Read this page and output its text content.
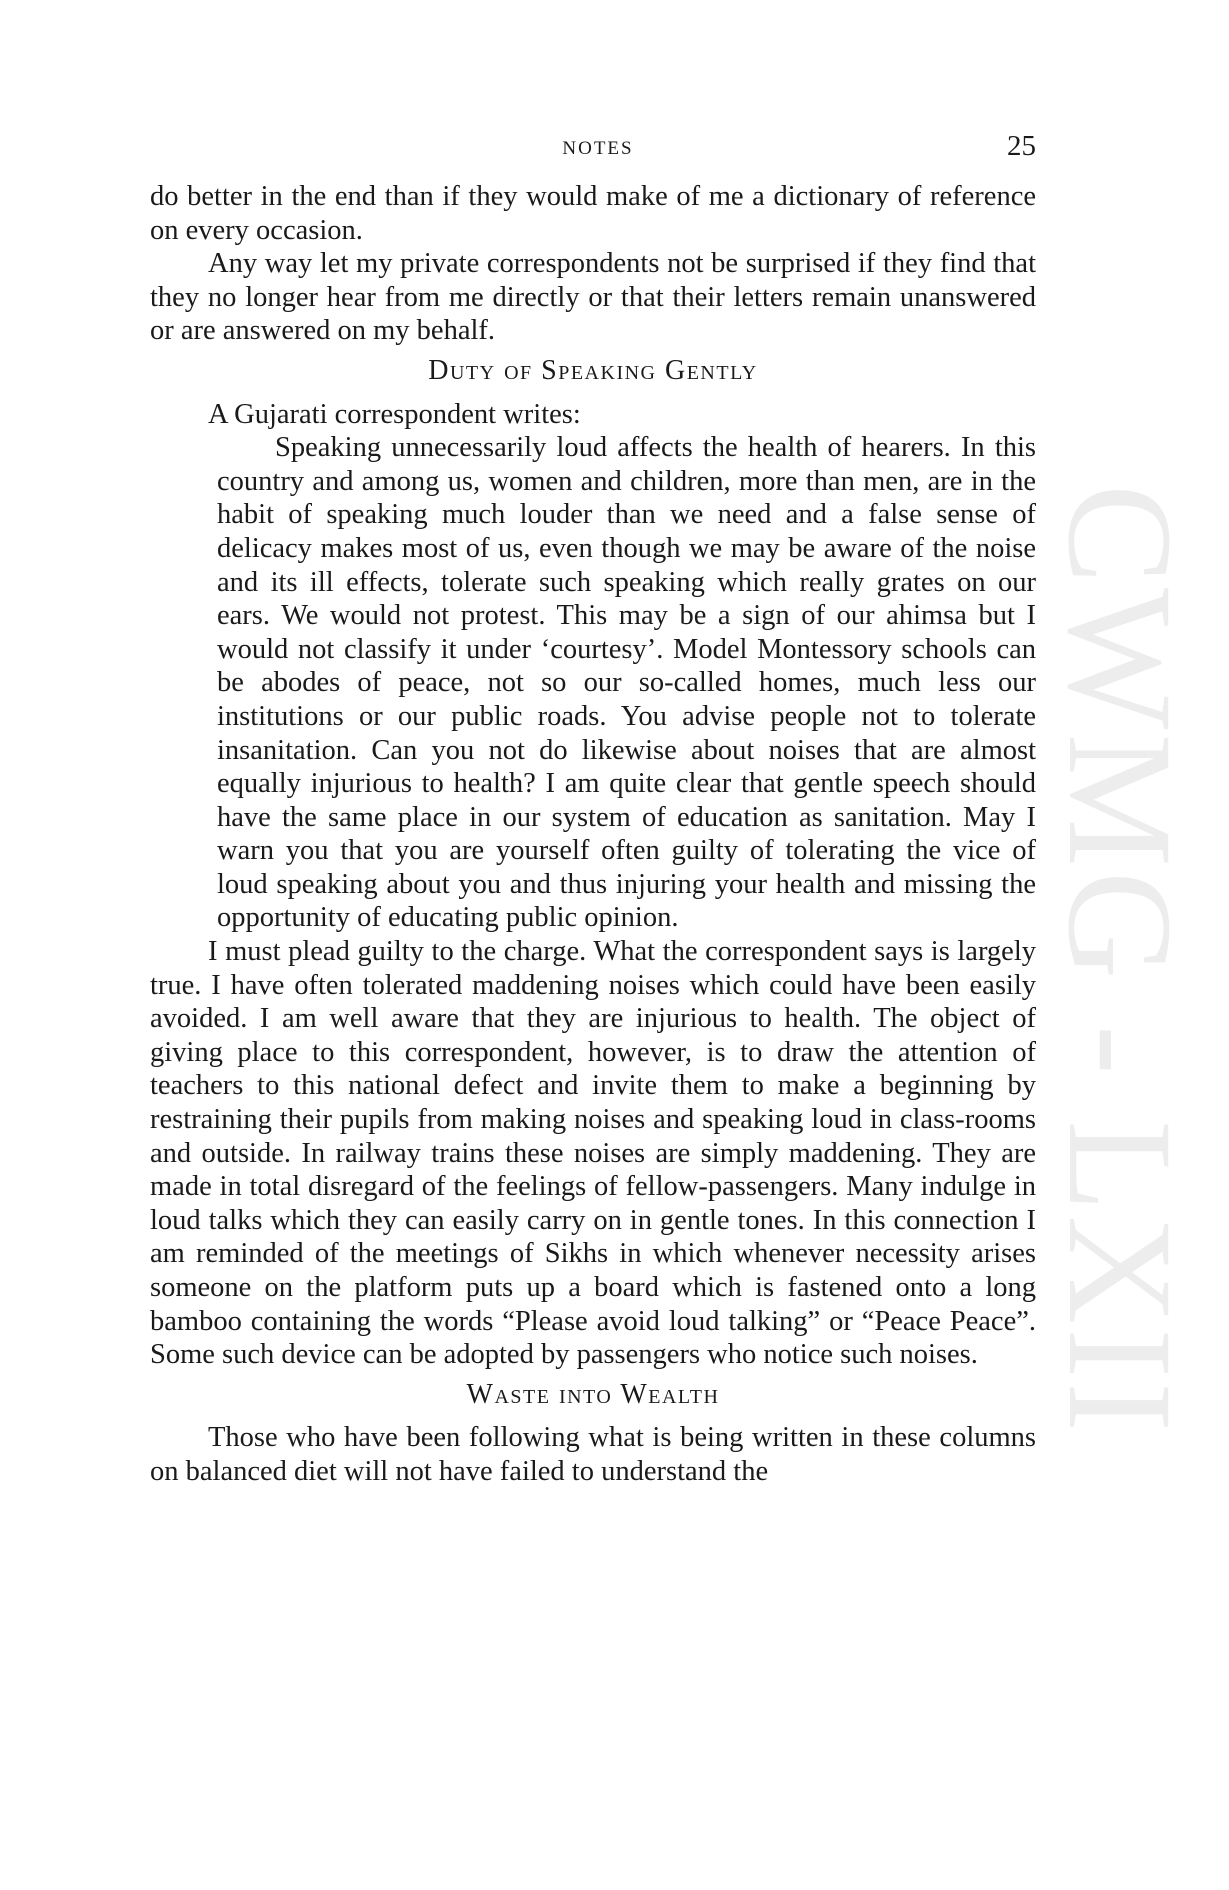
CWMG - LXII
NOTES	25

do better in the end than if they would make of me a dictionary of reference on every occasion.

Any way let my private correspondents not be surprised if they find that they no longer hear from me directly or that their letters remain unanswered or are answered on my behalf.

Duty of Speaking Gently

A Gujarati correspondent writes:

Speaking unnecessarily loud affects the health of hearers. In this country and among us, women and children, more than men, are in the habit of speaking much louder than we need and a false sense of delicacy makes most of us, even though we may be aware of the noise and its ill effects, tolerate such speaking which really grates on our ears. We would not protest. This may be a sign of our ahimsa but I would not classify it under ‘courtesy’. Model Montessory schools can be abodes of peace, not so our so-called homes, much less our institutions or our public roads. You advise people not to tolerate insanitation. Can you not do likewise about noises that are almost equally injurious to health? I am quite clear that gentle speech should have the same place in our system of education as sanitation. May I warn you that you are yourself often guilty of tolerating the vice of loud speaking about you and thus injuring your health and missing the opportunity of educating public opinion.

I must plead guilty to the charge. What the correspondent says is largely true. I have often tolerated maddening noises which could have been easily avoided. I am well aware that they are injurious to health. The object of giving place to this correspondent, however, is to draw the attention of teachers to this national defect and invite them to make a beginning by restraining their pupils from making noises and speaking loud in class-rooms and outside. In railway trains these noises are simply maddening. They are made in total disregard of the feelings of fellow-passengers. Many indulge in loud talks which they can easily carry on in gentle tones. In this connection I am reminded of the meetings of Sikhs in which whenever necessity arises someone on the platform puts up a board which is fastened onto a long bamboo containing the words “Please avoid loud talking” or “Peace Peace”. Some such device can be adopted by passengers who notice such noises.

Waste into Wealth

Those who have been following what is being written in these columns on balanced diet will not have failed to understand the
